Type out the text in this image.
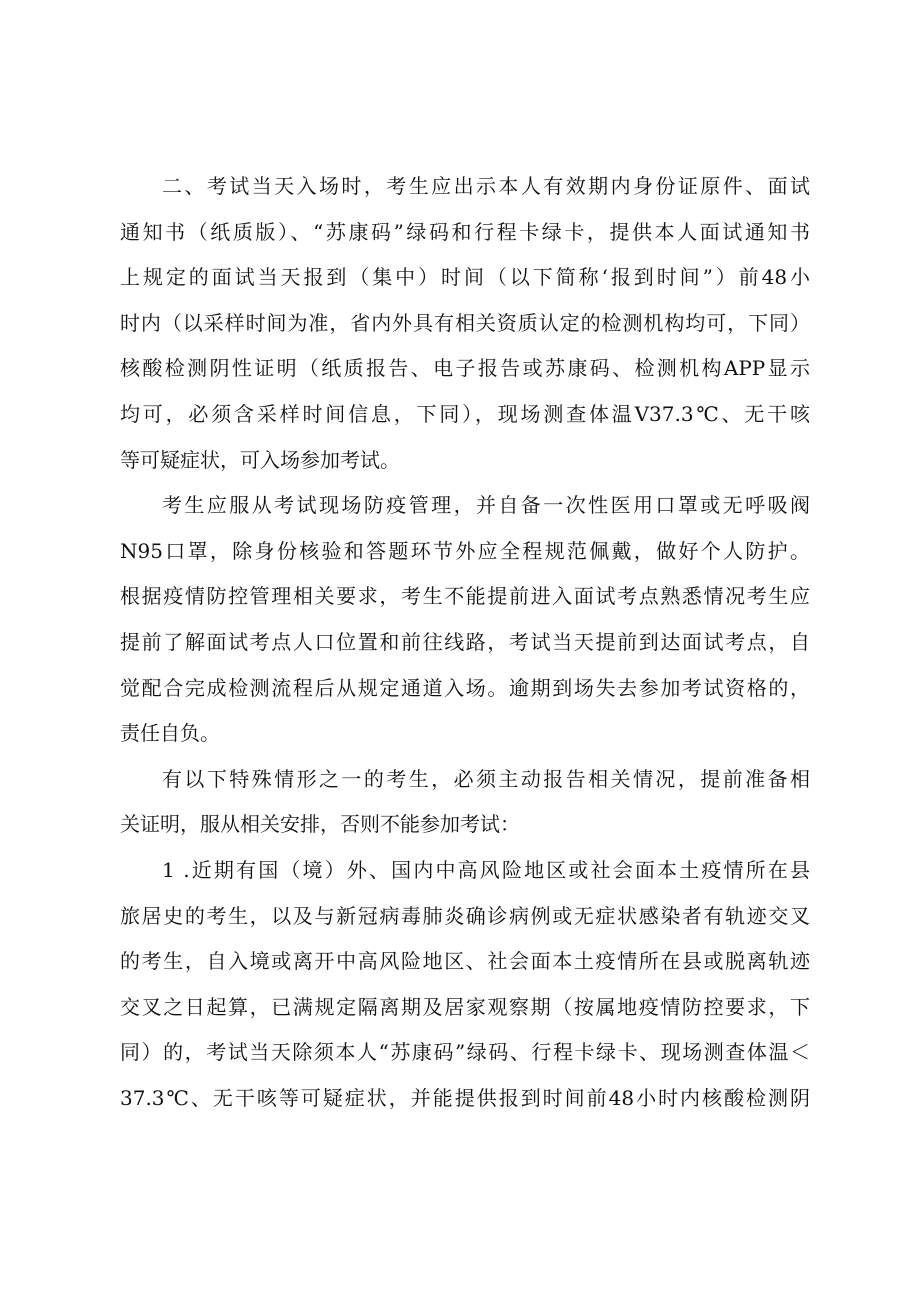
二、考试当天入场时，考生应出示本人有效期内身份证原件、面试
通知书（纸质版）、“苏康码”绿码和行程卡绿卡，提供本人面试通知书
上规定的面试当天报到（集中）时间（以下简称‘报到时间”）前48小
时内（以采样时间为准，省内外具有相关资质认定的检测机构均可，下同）
核酸检测阴性证明（纸质报告、电子报告或苏康码、检测机构APP显示
均可，必须含采样时间信息，下同），现场测查体温V37.3℃、无干咳
等可疑症状，可入场参加考试。
考生应服从考试现场防疫管理，并自备一次性医用口罩或无呼吸阀
N95口罩，除身份核验和答题环节外应全程规范佩戴，做好个人防护。
根据疫情防控管理相关要求，考生不能提前进入面试考点熟悉情况考生应
提前了解面试考点人口位置和前往线路，考试当天提前到达面试考点，自
觉配合完成检测流程后从规定通道入场。逾期到场失去参加考试资格的，
责任自负。
有以下特殊情形之一的考生，必须主动报告相关情况，提前准备相
关证明，服从相关安排，否则不能参加考试：
1 .近期有国（境）外、国内中高风险地区或社会面本土疫情所在县
旅居史的考生，以及与新冠病毒肺炎确诊病例或无症状感染者有轨迹交叉
的考生，自入境或离开中高风险地区、社会面本土疫情所在县或脱离轨迹
交叉之日起算，已满规定隔离期及居家观察期（按属地疫情防控要求，下
同）的，考试当天除须本人“苏康码”绿码、行程卡绿卡、现场测查体温＜
37.3℃、无干咳等可疑症状，并能提供报到时间前48小时内核酸检测阴
